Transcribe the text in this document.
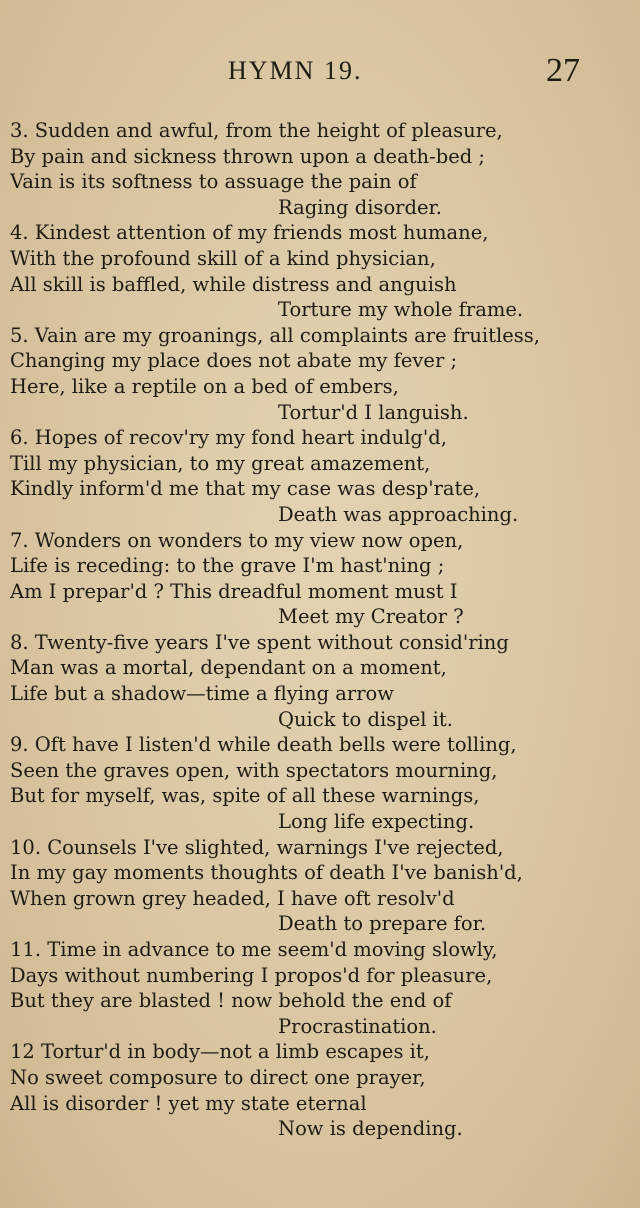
HYMN 19.	27
3. Sudden and awful, from the height of pleasure,
By pain and sickness thrown upon a death-bed ;
Vain is its softness to assuage the pain of
Raging disorder.
4. Kindest attention of my friends most humane,
With the profound skill of a kind physician,
All skill is baffled, while distress and anguish
Torture my whole frame.
5. Vain are my groanings, all complaints are fruitless,
Changing my place does not abate my fever ;
Here, like a reptile on a bed of embers,
Tortur'd I languish.
6. Hopes of recov'ry my fond heart indulg'd,
Till my physician, to my great amazement,
Kindly inform'd me that my case was desp'rate,
Death was approaching.
7. Wonders on wonders to my view now open,
Life is receding: to the grave I'm hast'ning ;
Am I prepar'd ? This dreadful moment must I
Meet my Creator ?
8. Twenty-five years I've spent without consid'ring
Man was a mortal, dependant on a moment,
Life but a shadow—time a flying arrow
Quick to dispel it.
9. Oft have I listen'd while death bells were tolling,
Seen the graves open, with spectators mourning,
But for myself, was, spite of all these warnings,
Long life expecting.
10. Counsels I've slighted, warnings I've rejected,
In my gay moments thoughts of death I've banish'd,
When grown grey headed, I have oft resolv'd
Death to prepare for.
11. Time in advance to me seem'd moving slowly,
Days without numbering I propos'd for pleasure,
But they are blasted ! now behold the end of
Procrastination.
12 Tortur'd in body—not a limb escapes it,
No sweet composure to direct one prayer,
All is disorder ! yet my state eternal
Now is depending.
